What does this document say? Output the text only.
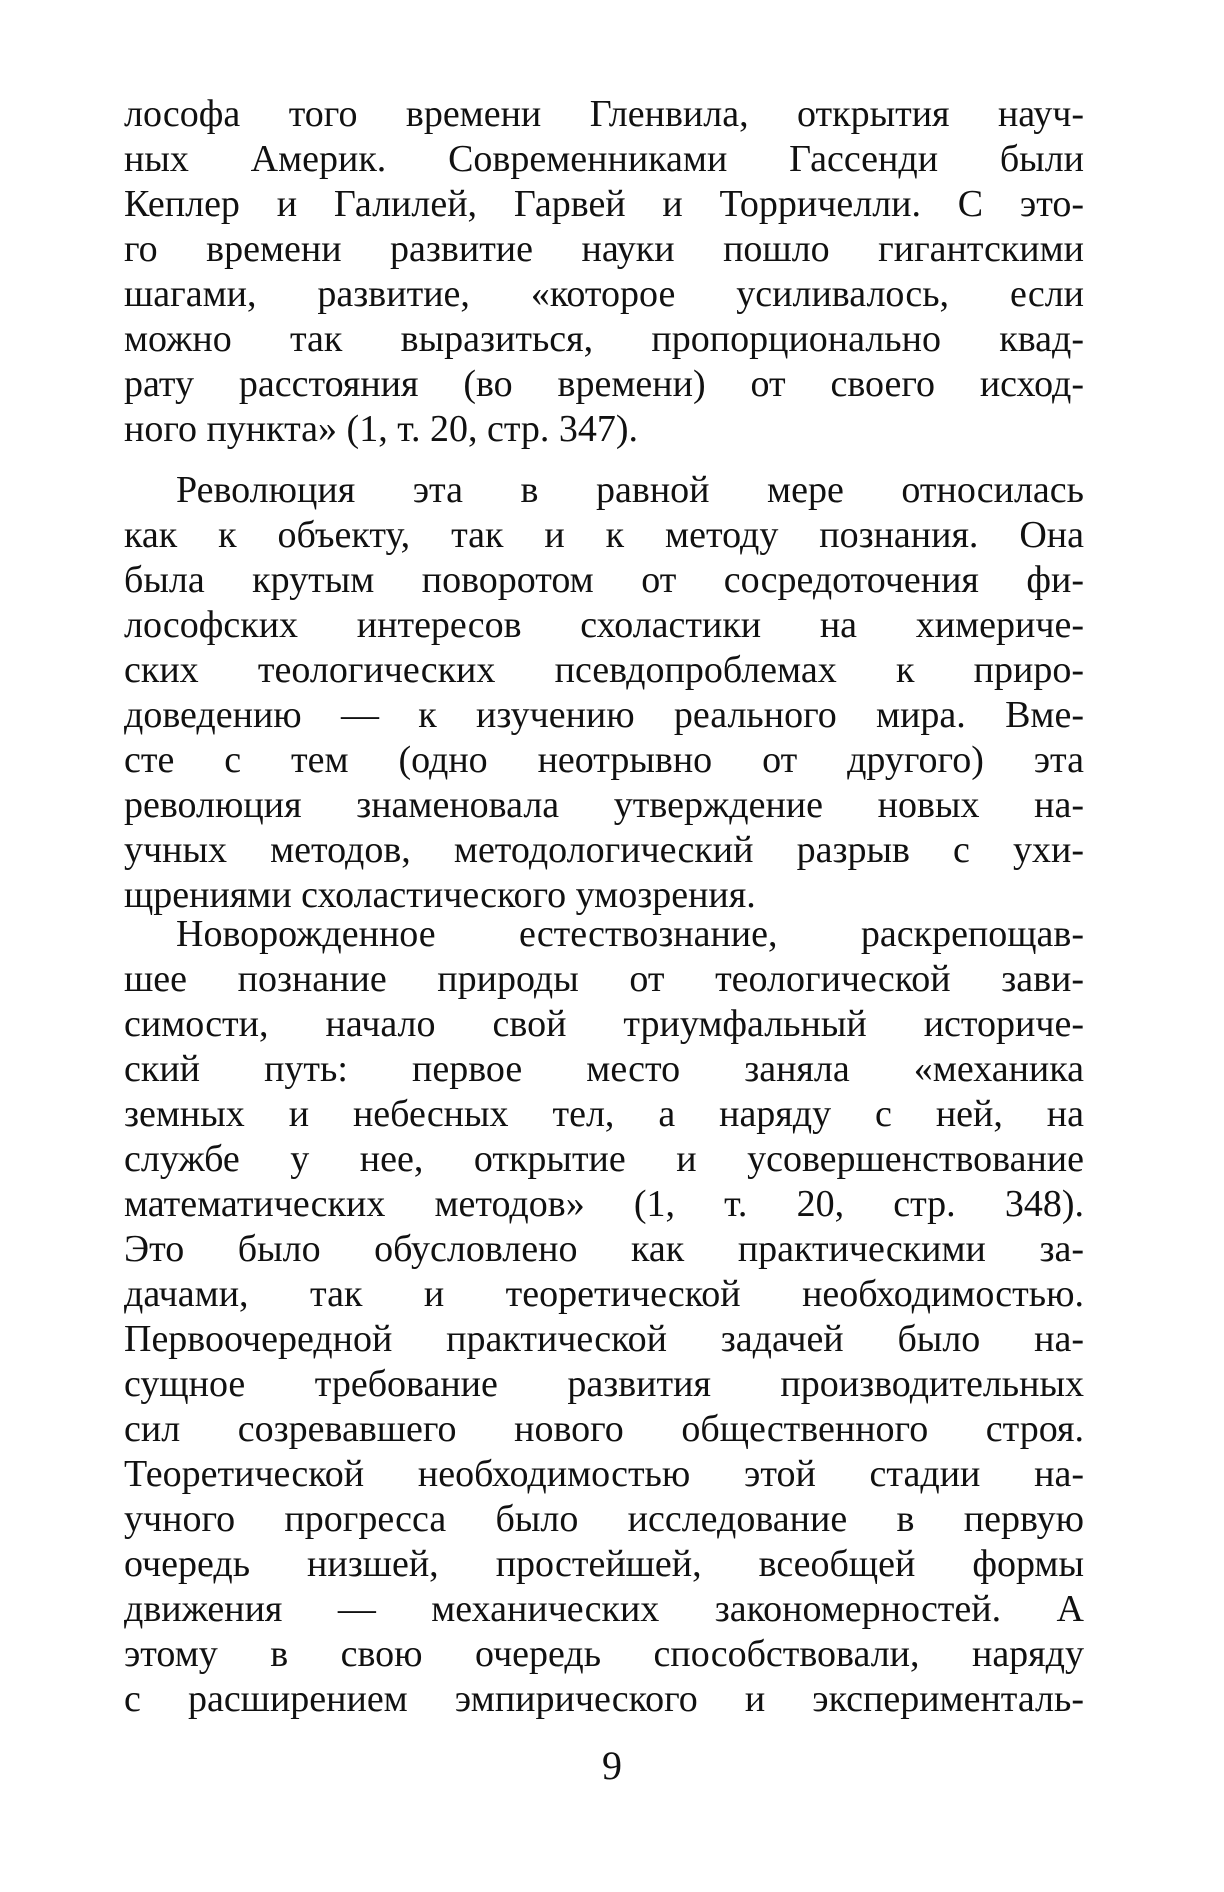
лософа того времени Гленвила, открытия науч-
ных Америк. Современниками Гассенди были
Кеплер и Галилей, Гарвей и Торричелли. С это-
го времени развитие науки пошло гигантскими
шагами, развитие, «которое усиливалось, если
можно так выразиться, пропорционально квад-
рату расстояния (во времени) от своего исход-
ного пункта» (1, т. 20, стр. 347).
Революция эта в равной мере относилась
как к объекту, так и к методу познания. Она
была крутым поворотом от сосредоточения фи-
лософских интересов схоластики на химериче-
ских теологических псевдопроблемах к приро-
доведению — к изучению реального мира. Вме-
сте с тем (одно неотрывно от другого) эта
революция знаменовала утверждение новых на-
учных методов, методологический разрыв с ухи-
щрениями схоластического умозрения.
Новорожденное естествознание, раскрепощав-
шее познание природы от теологической зави-
симости, начало свой триумфальный историче-
ский путь: первое место заняла «механика
земных и небесных тел, а наряду с ней, на
службе у нее, открытие и усовершенствование
математических методов» (1, т. 20, стр. 348).
Это было обусловлено как практическими за-
дачами, так и теоретической необходимостью.
Первоочередной практической задачей было на-
сущное требование развития производительных
сил созревавшего нового общественного строя.
Теоретической необходимостью этой стадии на-
учного прогресса было исследование в первую
очередь низшей, простейшей, всеобщей формы
движения — механических закономерностей. А
этому в свою очередь способствовали, наряду
с расширением эмпирического и эксперименталь-
9
